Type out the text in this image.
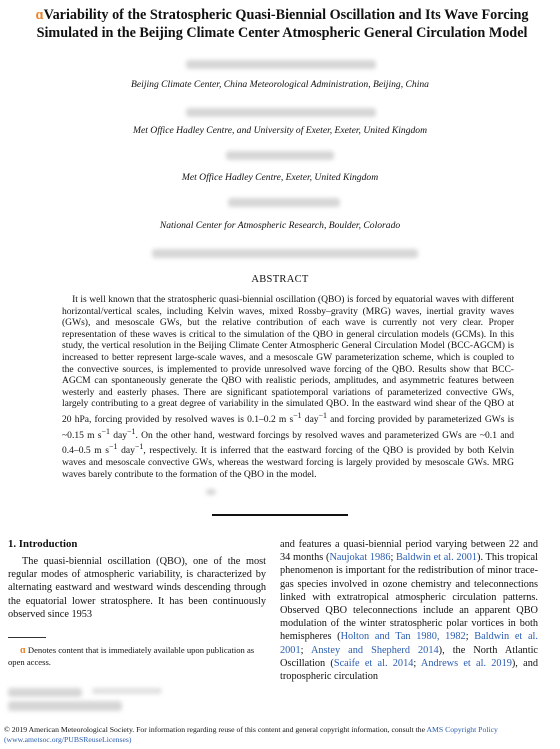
ɑVariability of the Stratospheric Quasi-Biennial Oscillation and Its Wave Forcing
Simulated in the Beijing Climate Center Atmospheric General Circulation Model
Beijing Climate Center, China Meteorological Administration, Beijing, China
Met Office Hadley Centre, and University of Exeter, Exeter, United Kingdom
Met Office Hadley Centre, Exeter, United Kingdom
National Center for Atmospheric Research, Boulder, Colorado
ABSTRACT
It is well known that the stratospheric quasi-biennial oscillation (QBO) is forced by equatorial waves with different horizontal/vertical scales, including Kelvin waves, mixed Rossby–gravity (MRG) waves, inertial gravity waves (GWs), and mesoscale GWs, but the relative contribution of each wave is currently not very clear. Proper representation of these waves is critical to the simulation of the QBO in general circulation models (GCMs). In this study, the vertical resolution in the Beijing Climate Center Atmospheric General Circulation Model (BCC-AGCM) is increased to better represent large-scale waves, and a mesoscale GW parameterization scheme, which is coupled to the convective sources, is implemented to provide unresolved wave forcing of the QBO. Results show that BCC-AGCM can spontaneously generate the QBO with realistic periods, amplitudes, and asymmetric features between westerly and easterly phases. There are significant spatiotemporal variations of parameterized convective GWs, largely contributing to a great degree of variability in the simulated QBO. In the eastward wind shear of the QBO at 20 hPa, forcing provided by resolved waves is 0.1–0.2 m $s^{-1}$ day$^{-1}$ and forcing provided by parameterized GWs is ~0.15 m $s^{-1}$ day$^{-1}$. On the other hand, westward forcings by resolved waves and parameterized GWs are ~0.1 and 0.4–0.5 m $s^{-1}$ day$^{-1}$, respectively. It is inferred that the eastward forcing of the QBO is provided by both Kelvin waves and mesoscale convective GWs, whereas the westward forcing is largely provided by mesoscale GWs. MRG waves barely contribute to the formation of the QBO in the model.
1. Introduction
The quasi-biennial oscillation (QBO), one of the most regular modes of atmospheric variability, is characterized by alternating eastward and westward winds descending through the equatorial lower stratosphere. It has been continuously observed since 1953
ɑ Denotes content that is immediately available upon publication as open access.
and features a quasi-biennial period varying between 22 and 34 months (Naujokat 1986; Baldwin et al. 2001). This tropical phenomenon is important for the redistribution of minor trace-gas species involved in ozone chemistry and teleconnections linked with extratropical atmospheric circulation patterns. Observed QBO teleconnections include an apparent QBO modulation of the winter stratospheric polar vortices in both hemispheres (Holton and Tan 1980, 1982; Baldwin et al. 2001; Anstey and Shepherd 2014), the North Atlantic Oscillation (Scaife et al. 2014; Andrews et al. 2019), and tropospheric circulation
© 2019 American Meteorological Society. For information regarding reuse of this content and general copyright information, consult the AMS Copyright Policy (www.ametsoc.org/PUBSReuseLicenses)
